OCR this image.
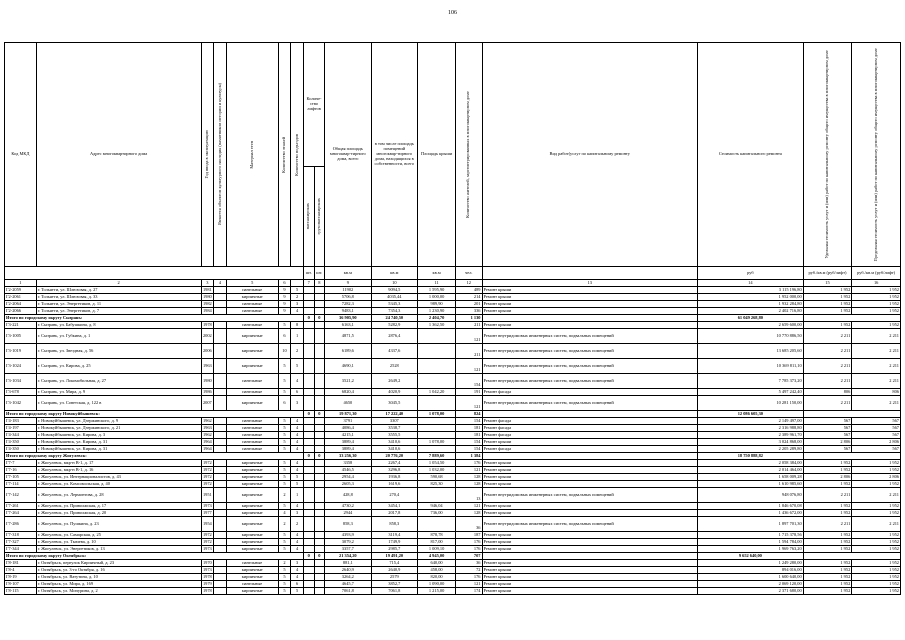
106
Код МКД	Адрес многоквартирного дома	Год ввода в эксплуатацию	Является объектом культурного наследия (памятником истории и культуры)	Материал стен	Количество этажей	Количество подъездов	Количе-ство лифтов		Общая площадь многоквар-тирного дома, всего	в том числе площадь помещений многоквар-тирного дома, находящихся в собственности, всего	Площадь крыши	Количество жителей, зарегистрированных в многоквартирном доме	Вид работ(услуг по капитальному ремонту	Стоимость капитального ремонта	Удельная стоимость услуг и (или) работ по капитальному ремонту общего имущества в многоквартирном доме	Предельная стоимость услуг и (или) работ по капитальному ремонту общего имущества в многоквартирном доме

							пассажирских	грузопассажирских								

							шт.	шт.	кв.м	кв.м	кв.м	чел.		руб	руб./кв.м (руб/лифт)	руб./кв.м (руб/лифт)
1	2	3	4	5	6		7	8	9	10	11	12	13	14	15	16
Г2-2059	г. Тольятти, ул. Шлюзовая, д. 27	1981		панельные	9	5			11902	9094,5	1 595,90	489	Ремонт крыши	3 115 196,80	1 952	1 952
Г2-2061	г. Тольятти, ул. Шлюзовая, д. 33	1980		кирпичные	9	2			5706,8	4035,44	1 000,00	214	Ремонт крыши	1 952 000,00	1 952	1 952
Г2-2064	г. Тольятти, ул. Энергетиков, д. 11	1982		панельные	9	3			7282,3	5345,3	989,90	201	Ремонт крыши	1 932 284,80	1 952	1 952
Г2-2066	г. Тольятти, ул. Энергетиков, д. 7	1984		панельные	9	4			9483,1	7354,3	1 230,90	336	Ремонт крыши	2 402 716,80	1 952	1 952
Итого по городскому округу Сызрань:							0	0	36 905,90	24 740,50	2 404,70	1 130		61 049 268,80		
Г3-221	г. Сызрань, ул. Бабушкина, д. 8	1978		панельные	5	8			6163,1	5282,9	1 362,50	211	Ремонт крыши	2 659 600,00	1 952	1 952
Г3-1005	г. Сызрань, ул. Губкина, д. 1	2002		кирпичные	6	1			4871,5	2876,4		121	Ремонт внутридомовых инженерных систем, подвальных помещений	10 770 886,50	2 211	2 211
Г3-1019	г. Сызрань, ул. Звездная, д. 56	2006		кирпичные	10	2			6189,6	4337,6		211	Ремонт внутридомовых инженерных систем, подвальных помещений	13 685 205,60	2 211	2 211
Г3-1024	г. Сызрань, ул. Кирова, д. 25	1963		кирпичные	5	5			4690,1	2528		121	Ремонт внутридомовых инженерных систем, подвальных помещений	10 369 811,10	2 211	2 211
Г3-1034	г. Сызрань, ул. Локомобильная, д. 27	1980		панельные	5	4			3521,2	2649,2		154	Ремонт внутридомовых инженерных систем, подвальных помещений	7 785 373,20	2 211	2 211
Г3-678	г. Сызрань, ул. Мира, д. 9	1986		панельные	5	6			6820,4	4020,9	1 042,20	191	Ремонт фасада	5 497 242,40	806	806
Г3-1042	г. Сызрань, ул. Советская, д. 122 в	2007		кирпичные	6	3			4650	3045,5		121	Ремонт внутридомовых инженерных систем, подвальных помещений	10 281 150,00	2 211	2 211
Итого по городскому округу Новокуйбышевск:							0	0	19 871,30	17 222,40	1 078,00	824		12 086 605,30		
Г4-183	г. Новокуйбышевск, ул. Дзержинского, д. 9	1962		панельные	5	4			3791	3307		154	Ремонт фасада	2 149 497,00	567	567
Г4-197	г. Новокуйбышевск, ул. Дзержинского, д. 21	1963		панельные	5	4			4086,4	3538,7		181	Ремонт фасада	2 316 988,80	567	567
Г4-344	г. Новокуйбышевск, ул. Кирова, д. 3	1962		панельные	5	4			4215,1	3555,5		181	Ремонт фасада	2 389 961,70	567	567
Г4-350	г. Новокуйбышевск, ул. Кирова, д. 31	1964		панельные	5	4			3889,4	3410,6	1 078,00	154	Ремонт крыши	3 024 868,00	2 806	2 806
Г4-350	г. Новокуйбышевск, ул. Кирова, д. 31	1964		панельные	5	4			3889,4	3410,6		154	Ремонт фасада	2 205 289,80	567	567
Итого по городскому округу Жигулевск:							0	0	33 256,30	20 776,20	7 889,60	1 384		18 750 888,82		
Г7-7	г. Жигулевск, мкр-н В-1, д. 17	1972		кирпичные	5	4			3358	2267,4	1 054,50	176	Ремонт крыши	2 058 384,00	1 952	1 952
Г7-16	г. Жигулевск, мкр-н В-1, д. 16	1972		кирпичные	5	4			4546,5	3296,8	1 032,00	121	Ремонт крыши	2 014 464,00	1 952	1 952
Г7-105	г. Жигулевск, ул. Интернационалистов, д. 43	1972		кирпичные	5	5			2954,4	1936,8	590,68	128	Ремонт крыши	1 658 009,28	2 806	2 806
Г7-114	г. Жигулевск, ул. Комсомольская, д. 40	1972		кирпичные	5	5			2605,3	1619,6	825,30	128	Ремонт крыши	1 610 985,60	1 952	1 952
Г7-142	г. Жигулевск, ул. Лермонтова, д. 28	1951		кирпичные	2	1			428,8	270,4		13	Ремонт внутридомовых инженерных систем, подвальных помещений	948 076,80	2 211	2 211
Г7-261	г. Жигулевск, ул. Приволжская, д. 17	1973		кирпичные	5	4			4730,2	3454,1	946,04	121	Ремонт крыши	1 846 670,08	1 952	1 952
Г7-264	г. Жигулевск, ул. Приволжская, д. 20	1977		кирпичные	4	3			2944	2017,8	736,00	128	Ремонт крыши	1 436 672,00	1 952	1 952
Г7-286	г. Жигулевск, ул. Пушкина, д. 23	1954		кирпичные	2	2			858,3	858,3		36	Ремонт внутридомовых инженерных систем, подвальных помещений	1 897 701,30	2 211	2 211
Г7-318	г. Жигулевск, ул. Самарская, д. 25	1972		кирпичные	5	4			4393,9	3119,4	878,78	187	Ремонт крыши	1 715 378,56	1 952	1 952
Г7-327	г. Жигулевск, ул. Ткачева, д. 10	1972		кирпичные	5	4			3079,2	1749,9	817,00	176	Ремонт крыши	1 594 784,00	1 952	1 952
Г7-344	г. Жигулевск, ул. Энергетиков, д. 13	1973		кирпичные	5	4			3357,7	2985,7	1 009,10	176	Ремонт крыши	1 969 763,20	1 952	1 952
Итого по городскому округу Октябрьск:							0	0	21 354,20	19 491,20	4 945,00	707		9 652 640,00		
Г8-181	г. Октябрьск, переулок Кирпичный, д. 23	1970		панельные	2	3			881,1	715,4	640,00	36	Ремонт крыши	1 249 280,00	1 952	1 952
Г8-4	г. Октябрьск, ул. 3-го Октября, д. 16	1973		кирпичные	5	4			2640,9	2640,9	458,00	72	Ремонт крыши	894 016,00	1 952	1 952
Г8-19	г. Октябрьск, ул. Ватутина, д. 10	1978		кирпичные	5	4			3264,2	2579	820,00	176	Ремонт крыши	1 600 640,00	1 952	1 952
Г8-107	г. Октябрьск, ул. Мира, д. 169	1979		панельные	5	6			4645,7	3852,7	1 090,00	121	Ремонт крыши	2 069 120,00	1 952	1 952
Г8-115	г. Октябрьск, ул. Мичурина, д. 2	1978		кирпичные	5	5			7061,8	7061,8	1 215,00	174	Ремонт крыши	2 371 680,00	1 952	1 952
